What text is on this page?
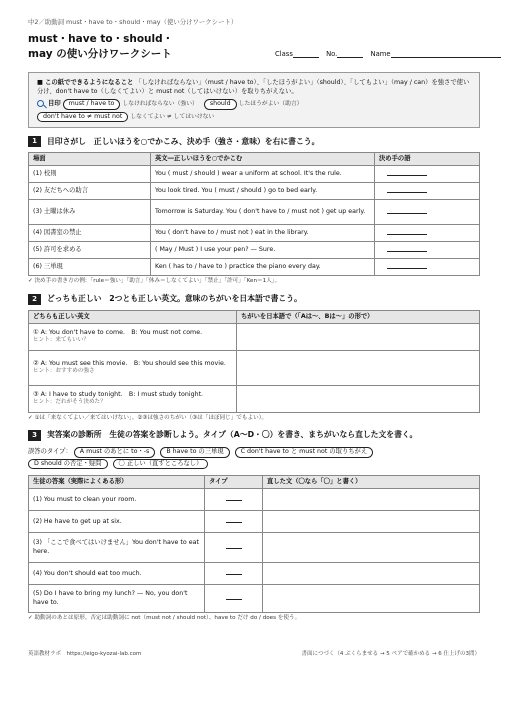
中2／助動詞 must・have to・should・may（使い分けワークシート）
must・have to・should・
may の使い分けワークシート	Class	No.	Name
■ この紙でできるようになること 「しなければならない」（must / have to）、「したほうがよい」（should）、「してもよい」（may / can）を強さで使い分け、don't have to（しなくてよい）と must not（してはいけない）を取りちがえない。
目印 must / have to しなければならない（強い） should したほうがよい（助言）
don't have to ≠ must not しなくてよい ≠ してはいけない
1	目印さがし　正しいほうを○でかこみ、決め手（強さ・意味）を右に書こう。
場面	英文―正しいほうを○でかこむ	決め手の語
(1) 校則	You ( must / should ) wear a uniform at school. It's the rule.	
(2) 友だちへの助言	You look tired. You ( must / should ) go to bed early.	
(3) 土曜は休み	Tomorrow is Saturday. You ( don't have to / must not ) get up early.	
(4) 図書室の禁止	You ( don't have to / must not ) eat in the library.	
(5) 許可を求める	( May / Must ) I use your pen? — Sure.	
(6) 三単現	Ken ( has to / have to ) practice the piano every day.	
✓ 決め手の書き方の例：「rule＝強い」「助言」「休み＝しなくてよい」「禁止」「許可」「Ken＝1人」。
2	どっちも正しい　2つとも正しい英文。意味のちがいを日本語で書こう。
どちらも正しい英文	ちがいを日本語で（「Aは～、Bは～」の形で）

① A: You don't have to come.　B: You must not come.
ヒント：来てもいい？	

② A: You must see this movie.　B: You should see this movie.
ヒント：おすすめの強さ	

③ A: I have to study tonight.　B: I must study tonight.
ヒント：だれがそう決めた？	

✓ ①は「来なくてよい／来てはいけない」。②③は強さのちがい（③は「ほぼ同じ」でもよい）。
3	実答案の診断所　生徒の答案を診断しよう。タイプ（A～D・〇）を書き、まちがいなら直した文を書く。
誤答のタイプ： A must のあとに to・-s	B have to の三単現	C don't have to と must not の取りちがえ
D should の否定・疑問	〇 正しい（直すところなし）
生徒の答案（実際によくある形）	タイプ	直した文（〇なら「〇」と書く）
(1) You must to clean your room.		
(2) He have to get up at six.		
(3) 「ここで食べてはいけません」You don't have to eat here.		
(4) You don't should eat too much.		
(5) Do I have to bring my lunch? — No, you don't have to.		
✓ 助動詞のあとは原形。否定は助動詞に not（must not / should not）、have to だけ do / does を使う。
英語教材ラボ　https://eigo-kyozai-lab.com	書面につづく（4 ぶくらませる → 5 ペアで確かめる → 6 仕上げの3問）
